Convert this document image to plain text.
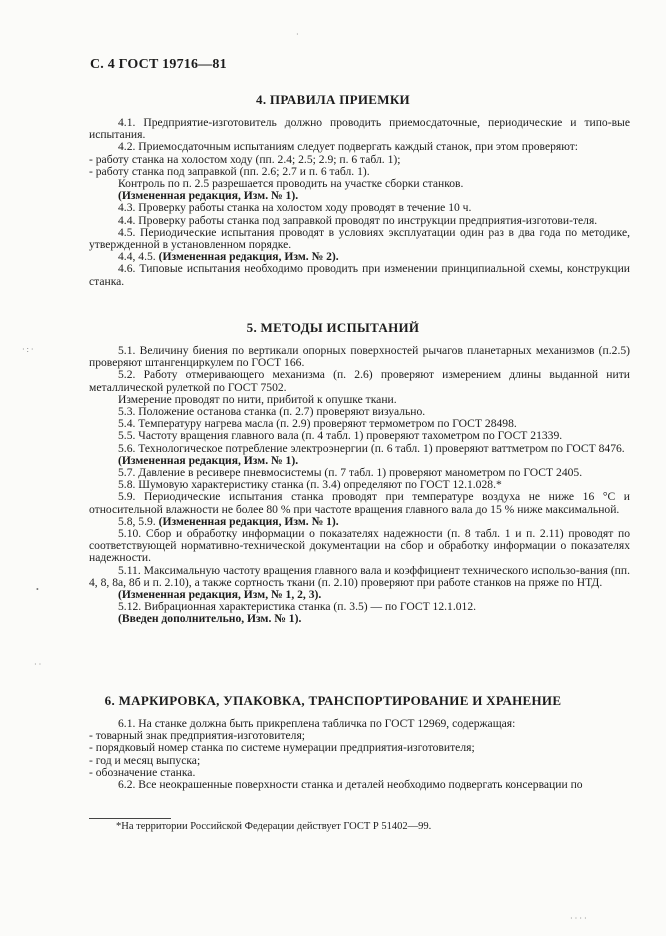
С. 4 ГОСТ 19716—81
4. ПРАВИЛА ПРИЕМКИ

4.1. Предприятие-изготовитель должно проводить приемосдаточные, периодические и типо-вые испытания.

4.2. Приемосдаточным испытаниям следует подвергать каждый станок, при этом проверяют:

- работу станка на холостом ходу (пп. 2.4; 2.5; 2.9; п. 6 табл. 1);

- работу станка под заправкой (пп. 2.6; 2.7 и п. 6 табл. 1).

Контроль по п. 2.5 разрешается проводить на участке сборки станков.

(Измененная редакция, Изм. № 1).

4.3. Проверку работы станка на холостом ходу проводят в течение 10 ч.

4.4. Проверку работы станка под заправкой проводят по инструкции предприятия-изготови-теля.

4.5. Периодические испытания проводят в условиях эксплуатации один раз в два года по методике, утвержденной в установленном порядке.

4.4, 4.5. (Измененная редакция, Изм. № 2).

4.6. Типовые испытания необходимо проводить при изменении принципиальной схемы, конструкции станка.

5. МЕТОДЫ ИСПЫТАНИЙ

5.1. Величину биения по вертикали опорных поверхностей рычагов планетарных механизмов (п.2.5) проверяют штангенциркулем по ГОСТ 166.

5.2. Работу отмеривающего механизма (п. 2.6) проверяют измерением длины выданной нити металлической рулеткой по ГОСТ 7502.

Измерение проводят по нити, прибитой к опушке ткани.

5.3. Положение останова станка (п. 2.7) проверяют визуально.

5.4. Температуру нагрева масла (п. 2.9) проверяют термометром по ГОСТ 28498.

5.5. Частоту вращения главного вала (п. 4 табл. 1) проверяют тахометром по ГОСТ 21339.

5.6. Технологическое потребление электроэнергии (п. 6 табл. 1) проверяют ваттметром по ГОСТ 8476.

(Измененная редакция, Изм. № 1).

5.7. Давление в ресивере пневмосистемы (п. 7 табл. 1) проверяют манометром по ГОСТ 2405.

5.8. Шумовую характеристику станка (п. 3.4) определяют по ГОСТ 12.1.028.*

5.9. Периодические испытания станка проводят при температуре воздуха не ниже 16 °С и относительной влажности не более 80 % при частоте вращения главного вала до 15 % ниже максимальной.

5.8, 5.9. (Измененная редакция, Изм. № 1).

5.10. Сбор и обработку информации о показателях надежности (п. 8 табл. 1 и п. 2.11) проводят по соответствующей нормативно-технической документации на сбор и обработку информации о показателях надежности.

5.11. Максимальную частоту вращения главного вала и коэффициент технического использо-вания (пп. 4, 8, 8а, 8б и п. 2.10), а также сортность ткани (п. 2.10) проверяют при работе станков на пряже по НТД.

(Измененная редакция, Изм, № 1, 2, 3).

5.12. Вибрационная характеристика станка (п. 3.5) — по ГОСТ 12.1.012.

(Введен дополнительно, Изм. № 1).

6. МАРКИРОВКА, УПАКОВКА, ТРАНСПОРТИРОВАНИЕ И ХРАНЕНИЕ

6.1. На станке должна быть прикреплена табличка по ГОСТ 12969, содержащая:

- товарный знак предприятия-изготовителя;

- порядковый номер станка по системе нумерации предприятия-изготовителя;

- год и месяц выпуска;

- обозначение станка.

6.2. Все неокрашенные поверхности станка и деталей необходимо подвергать консервации по

*На территории Российской Федерации действует ГОСТ Р 51402—99.
·
· : ·
•
· ·
· · · ·
